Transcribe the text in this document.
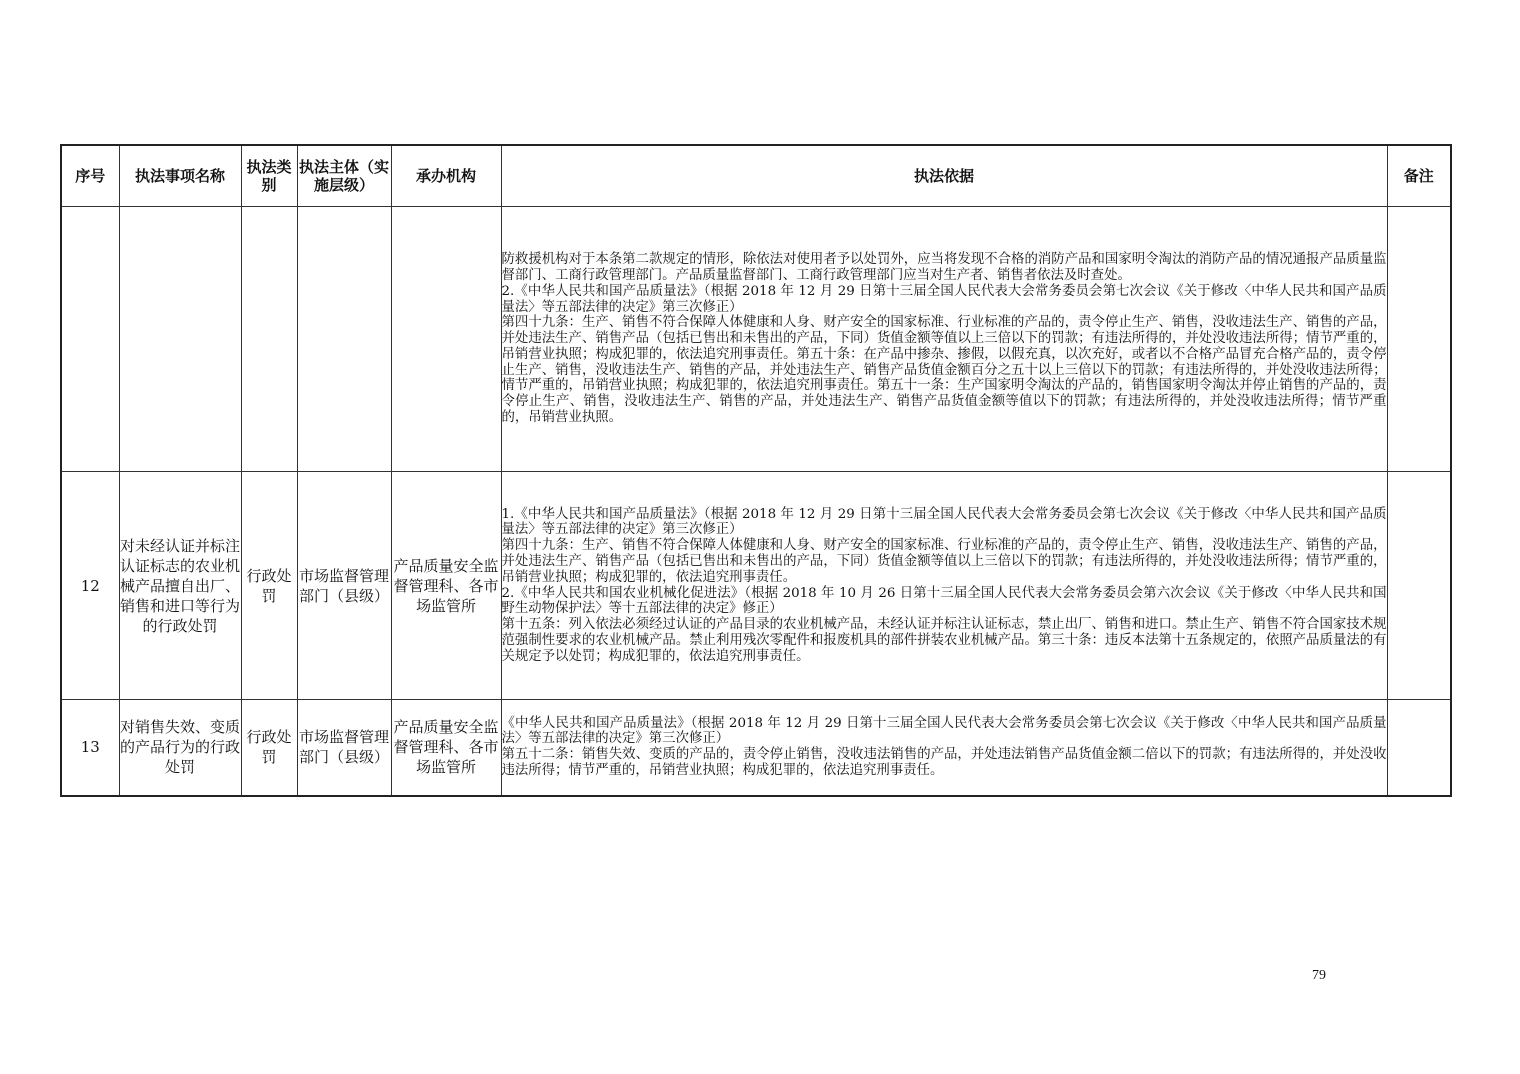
序号	执法事项名称	执法类别	执法主体（实施层级）	承办机构	执法依据	备注

					防救援机构对于本条第二款规定的情形，除依法对使用者予以处罚外，应当将发现不合格的消防产品和国家明令淘汰的消防产品的情况通报产品质量监督部门、工商行政管理部门。产品质量监督部门、工商行政管理部门应当对生产者、销售者依法及时查处。
2.《中华人民共和国产品质量法》（根据 2018 年 12 月 29 日第十三届全国人民代表大会常务委员会第七次会议《关于修改〈中华人民共和国产品质量法〉等五部法律的决定》第三次修正）
第四十九条：生产、销售不符合保障人体健康和人身、财产安全的国家标准、行业标准的产品的，责令停止生产、销售，没收违法生产、销售的产品，并处违法生产、销售产品（包括已售出和未售出的产品，下同）货值金额等值以上三倍以下的罚款；有违法所得的，并处没收违法所得；情节严重的，吊销营业执照；构成犯罪的，依法追究刑事责任。第五十条：在产品中掺杂、掺假，以假充真，以次充好，或者以不合格产品冒充合格产品的，责令停止生产、销售，没收违法生产、销售的产品，并处违法生产、销售产品货值金额百分之五十以上三倍以下的罚款；有违法所得的，并处没收违法所得；情节严重的，吊销营业执照；构成犯罪的，依法追究刑事责任。第五十一条：生产国家明令淘汰的产品的，销售国家明令淘汰并停止销售的产品的，责令停止生产、销售，没收违法生产、销售的产品，并处违法生产、销售产品货值金额等值以下的罚款；有违法所得的，并处没收违法所得；情节严重的，吊销营业执照。	

12	对未经认证并标注认证标志的农业机械产品擅自出厂、销售和进口等行为的行政处罚	行政处罚	市场监督管理部门（县级）	产品质量安全监督管理科、各市场监管所	1.《中华人民共和国产品质量法》（根据 2018 年 12 月 29 日第十三届全国人民代表大会常务委员会第七次会议《关于修改〈中华人民共和国产品质量法〉等五部法律的决定》第三次修正）
第四十九条：生产、销售不符合保障人体健康和人身、财产安全的国家标准、行业标准的产品的，责令停止生产、销售，没收违法生产、销售的产品，并处违法生产、销售产品（包括已售出和未售出的产品，下同）货值金额等值以上三倍以下的罚款；有违法所得的，并处没收违法所得；情节严重的，吊销营业执照；构成犯罪的，依法追究刑事责任。
2.《中华人民共和国农业机械化促进法》（根据 2018 年 10 月 26 日第十三届全国人民代表大会常务委员会第六次会议《关于修改〈中华人民共和国野生动物保护法〉等十五部法律的决定》修正）
第十五条：列入依法必须经过认证的产品目录的农业机械产品，未经认证并标注认证标志，禁止出厂、销售和进口。禁止生产、销售不符合国家技术规范强制性要求的农业机械产品。禁止利用残次零配件和报废机具的部件拼装农业机械产品。第三十条：违反本法第十五条规定的，依照产品质量法的有关规定予以处罚；构成犯罪的，依法追究刑事责任。	

13	对销售失效、变质的产品行为的行政处罚	行政处罚	市场监督管理部门（县级）	产品质量安全监督管理科、各市场监管所	《中华人民共和国产品质量法》（根据 2018 年 12 月 29 日第十三届全国人民代表大会常务委员会第七次会议《关于修改〈中华人民共和国产品质量法〉等五部法律的决定》第三次修正）
第五十二条：销售失效、变质的产品的，责令停止销售，没收违法销售的产品，并处违法销售产品货值金额二倍以下的罚款；有违法所得的，并处没收违法所得；情节严重的，吊销营业执照；构成犯罪的，依法追究刑事责任。	

79
